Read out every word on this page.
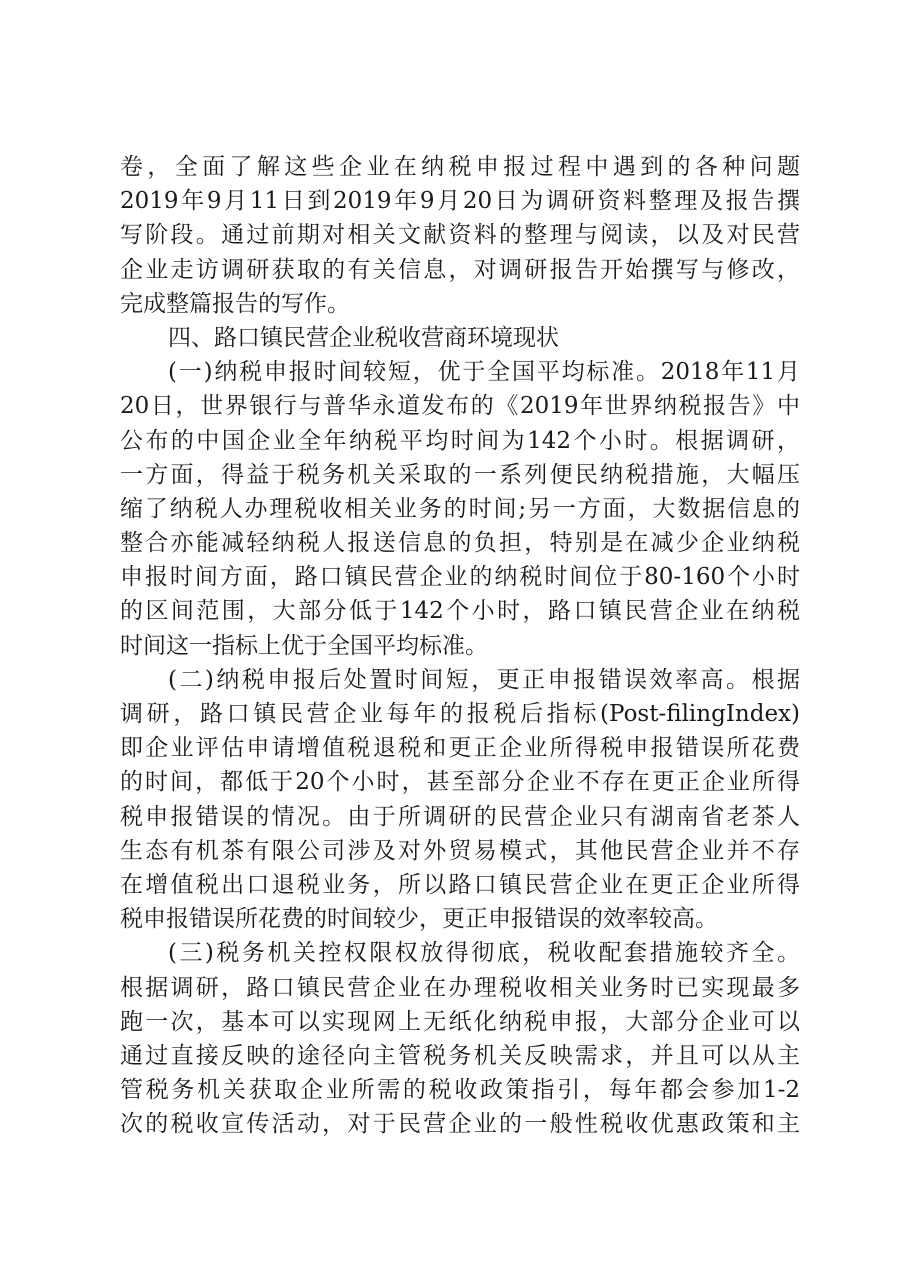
卷，全面了解这些企业在纳税申报过程中遇到的各种问题
2019年9月11日到2019年9月20日为调研资料整理及报告撰
写阶段。通过前期对相关文献资料的整理与阅读，以及对民营
企业走访调研获取的有关信息，对调研报告开始撰写与修改，
完成整篇报告的写作。
四、路口镇民营企业税收营商环境现状
(一)纳税申报时间较短，优于全国平均标准。2018年11月
20日，世界银行与普华永道发布的《2019年世界纳税报告》中
公布的中国企业全年纳税平均时间为142个小时。根据调研，
一方面，得益于税务机关采取的一系列便民纳税措施，大幅压
缩了纳税人办理税收相关业务的时间;另一方面，大数据信息的
整合亦能减轻纳税人报送信息的负担，特别是在减少企业纳税
申报时间方面，路口镇民营企业的纳税时间位于80-160个小时
的区间范围，大部分低于142个小时，路口镇民营企业在纳税
时间这一指标上优于全国平均标准。
(二)纳税申报后处置时间短，更正申报错误效率高。根据
调研，路口镇民营企业每年的报税后指标(Post-filingIndex)
即企业评估申请增值税退税和更正企业所得税申报错误所花费
的时间，都低于20个小时，甚至部分企业不存在更正企业所得
税申报错误的情况。由于所调研的民营企业只有湖南省老茶人
生态有机茶有限公司涉及对外贸易模式，其他民营企业并不存
在增值税出口退税业务，所以路口镇民营企业在更正企业所得
税申报错误所花费的时间较少，更正申报错误的效率较高。
(三)税务机关控权限权放得彻底，税收配套措施较齐全。
根据调研，路口镇民营企业在办理税收相关业务时已实现最多
跑一次，基本可以实现网上无纸化纳税申报，大部分企业可以
通过直接反映的途径向主管税务机关反映需求，并且可以从主
管税务机关获取企业所需的税收政策指引，每年都会参加1-2
次的税收宣传活动，对于民营企业的一般性税收优惠政策和主
